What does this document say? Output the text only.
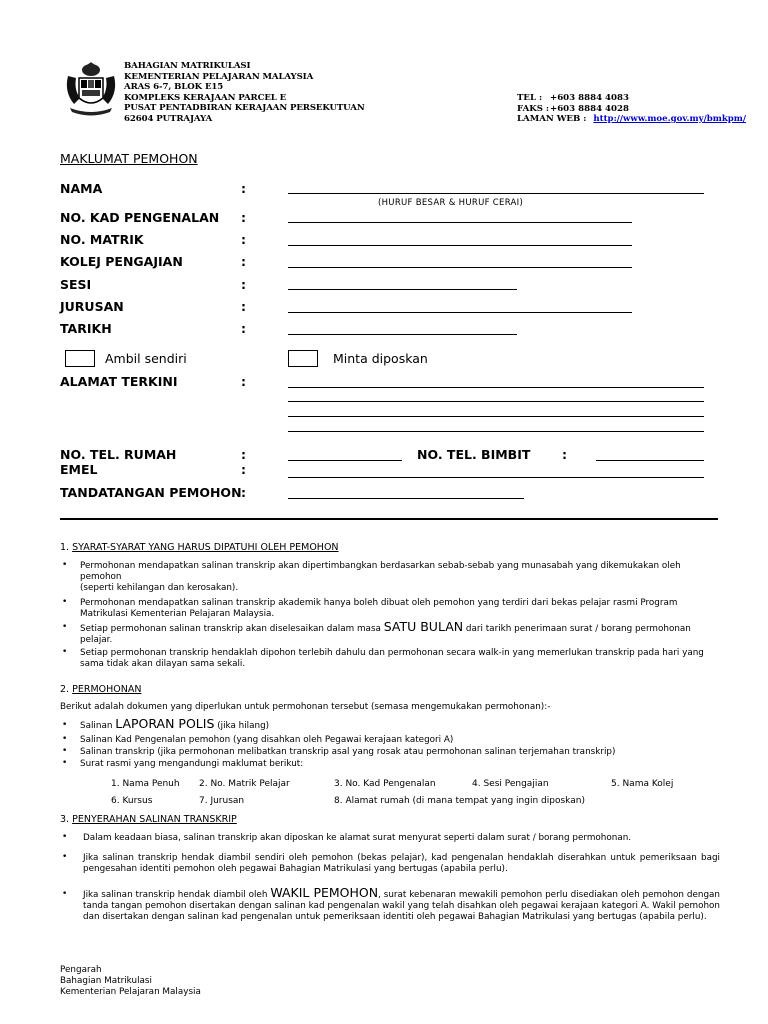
BAHAGIAN MATRIKULASI
KEMENTERIAN PELAJARAN MALAYSIA
ARAS 6-7, BLOK E15
KOMPLEKS KERAJAAN PARCEL E
PUSAT PENTADBIRAN KERAJAAN PERSEKUTUAN
62604 PUTRAJAYA
TEL : +603 8884 4083
FAKS : +603 8884 4028
LAMAN WEB : http://www.moe.gov.my/bmkpm/
MAKLUMAT PEMOHON
NAMA	:
(HURUF BESAR & HURUF CERAI)
NO. KAD PENGENALAN :
NO. MATRIK	:
KOLEJ PENGAJIAN	:
SESI	:
JURUSAN	:
TARIKH	:
Ambil sendiri	Minta diposkan
ALAMAT TERKINI	:
NO. TEL. RUMAH	:	NO. TEL. BIMBIT	:
EMEL	:
TANDATANGAN PEMOHON :
1. SYARAT-SYARAT YANG HARUS DIPATUHI OLEH PEMOHON
• Permohonan mendapatkan salinan transkrip akan dipertimbangkan berdasarkan sebab-sebab yang munasabah yang dikemukakan oleh pemohon
(seperti kehilangan dan kerosakan).
• Permohonan mendapatkan salinan transkrip akademik hanya boleh dibuat oleh pemohon yang terdiri dari bekas pelajar rasmi Program Matrikulasi Kementerian Pelajaran Malaysia.
• Setiap permohonan salinan transkrip akan diselesaikan dalam masa SATU BULAN dari tarikh penerimaan surat / borang permohonan pelajar.
• Setiap permohonan transkrip hendaklah dipohon terlebih dahulu dan permohonan secara walk-in yang memerlukan transkrip pada hari yang sama tidak akan dilayan sama sekali.
2. PERMOHONAN
Berikut adalah dokumen yang diperlukan untuk permohonan tersebut (semasa mengemukakan permohonan):-
• Salinan LAPORAN POLIS (jika hilang)
• Salinan Kad Pengenalan pemohon (yang disahkan oleh Pegawai kerajaan kategori A)
• Salinan transkrip (jika permohonan melibatkan transkrip asal yang rosak atau permohonan salinan terjemahan transkrip)
• Surat rasmi yang mengandungi maklumat berikut:
1. Nama Penuh 2. No. Matrik Pelajar	3. No. Kad Pengenalan	4. Sesi Pengajian	5. Nama Kolej
6. Kursus	7. Jurusan	8. Alamat rumah (di mana tempat yang ingin diposkan)
3. PENYERAHAN SALINAN TRANSKRIP
• Dalam keadaan biasa, salinan transkrip akan diposkan ke alamat surat menyurat seperti dalam surat / borang permohonan.
• Jika salinan transkrip hendak diambil sendiri oleh pemohon (bekas pelajar), kad pengenalan hendaklah diserahkan untuk pemeriksaan bagi pengesahan identiti pemohon oleh pegawai Bahagian Matrikulasi yang bertugas (apabila perlu).
• Jika salinan transkrip hendak diambil oleh WAKIL PEMOHON, surat kebenaran mewakili pemohon perlu disediakan oleh pemohon dengan tanda tangan pemohon disertakan dengan salinan kad pengenalan wakil yang telah disahkan oleh pegawai kerajaan kategori A. Wakil pemohon dan disertakan dengan salinan kad pengenalan untuk pemeriksaan identiti oleh pegawai Bahagian Matrikulasi yang bertugas (apabila perlu).
Pengarah
Bahagian Matrikulasi
Kementerian Pelajaran Malaysia
